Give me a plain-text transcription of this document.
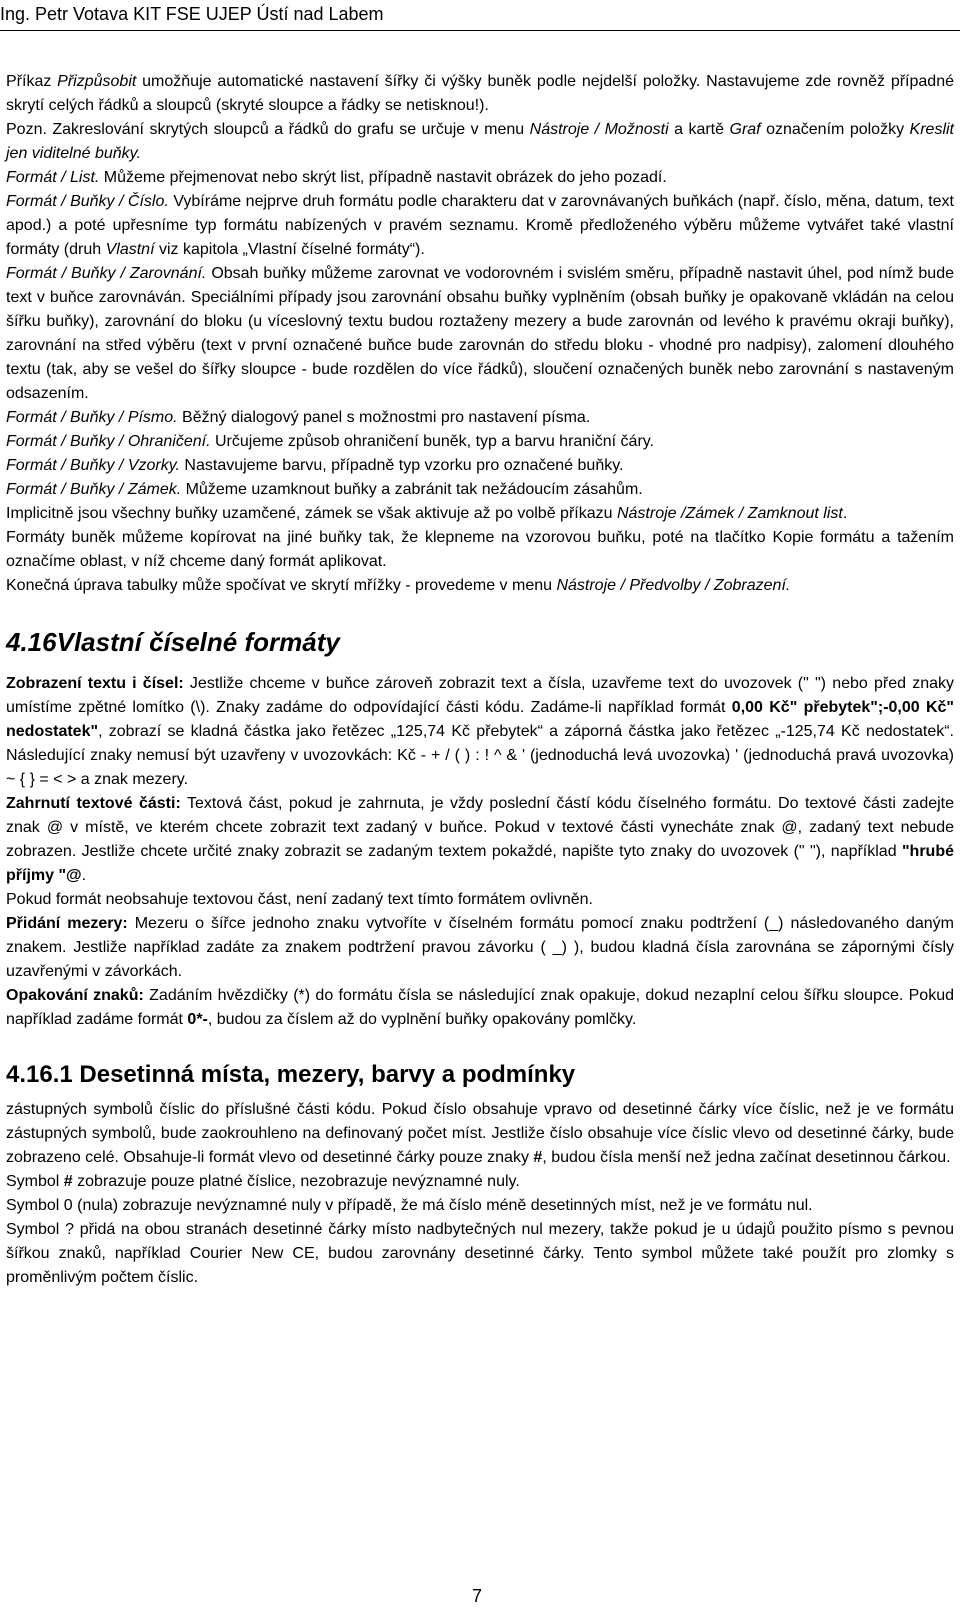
Ing. Petr Votava KIT FSE UJEP Ústí nad Labem

Příkaz Přizpůsobit umožňuje automatické nastavení šířky či výšky buněk podle nejdelší položky. Nastavujeme zde rovněž případné skrytí celých řádků a sloupců (skryté sloupce a řádky se netisknou!).

Pozn. Zakreslování skrytých sloupců a řádků do grafu se určuje v menu Nástroje / Možnosti a kartě Graf označením položky Kreslit jen viditelné buňky.

Formát / List. Můžeme přejmenovat nebo skrýt list, případně nastavit obrázek do jeho pozadí.

Formát / Buňky / Číslo. Vybíráme nejprve druh formátu podle charakteru dat v zarovnávaných buňkách (např. číslo, měna, datum, text apod.) a poté upřesníme typ formátu nabízených v pravém seznamu. Kromě předloženého výběru můžeme vytvářet také vlastní formáty (druh Vlastní viz kapitola „Vlastní číselné formáty“).

Formát / Buňky / Zarovnání. Obsah buňky můžeme zarovnat ve vodorovném i svislém směru, případně nastavit úhel, pod nímž bude text v buňce zarovnáván. Speciálními případy jsou zarovnání obsahu buňky vyplněním (obsah buňky je opakovaně vkládán na celou šířku buňky), zarovnání do bloku (u víceslovný textu budou roztaženy mezery a bude zarovnán od levého k pravému okraji buňky), zarovnání na střed výběru (text v první označené buňce bude zarovnán do středu bloku - vhodné pro nadpisy), zalomení dlouhého textu (tak, aby se vešel do šířky sloupce - bude rozdělen do více řádků), sloučení označených buněk nebo zarovnání s nastaveným odsazením.

Formát / Buňky / Písmo. Běžný dialogový panel s možnostmi pro nastavení písma.

Formát / Buňky / Ohraničení. Určujeme způsob ohraničení buněk, typ a barvu hraniční čáry.

Formát / Buňky / Vzorky. Nastavujeme barvu, případně typ vzorku pro označené buňky.

Formát / Buňky / Zámek. Můžeme uzamknout buňky a zabránit tak nežádoucím zásahům.

Implicitně jsou všechny buňky uzamčené, zámek se však aktivuje až po volbě příkazu Nástroje /Zámek / Zamknout list.

Formáty buněk můžeme kopírovat na jiné buňky tak, že klepneme na vzorovou buňku, poté na tlačítko Kopie formátu a tažením označíme oblast, v níž chceme daný formát aplikovat.

Konečná úprava tabulky může spočívat ve skrytí mřížky - provedeme v menu Nástroje / Předvolby / Zobrazení.

4.16Vlastní číselné formáty

Zobrazení textu i čísel: Jestliže chceme v buňce zároveň zobrazit text a čísla, uzavřeme text do uvozovek (" ") nebo před znaky umístíme zpětné lomítko (\). Znaky zadáme do odpovídající části kódu. Zadáme-li například formát 0,00 Kč" přebytek";-0,00 Kč" nedostatek", zobrazí se kladná částka jako řetězec „125,74 Kč přebytek“ a záporná částka jako řetězec „-125,74 Kč nedostatek“. Následující znaky nemusí být uzavřeny v uvozovkách: Kč - + / ( ) : ! ^ & ' (jednoduchá levá uvozovka) ' (jednoduchá pravá uvozovka) ~ { } = < > a znak mezery.

Zahrnutí textové části: Textová část, pokud je zahrnuta, je vždy poslední částí kódu číselného formátu. Do textové části zadejte znak @ v místě, ve kterém chcete zobrazit text zadaný v buňce. Pokud v textové části vynecháte znak @, zadaný text nebude zobrazen. Jestliže chcete určité znaky zobrazit se zadaným textem pokaždé, napište tyto znaky do uvozovek (" "), například "hrubé příjmy "@.

Pokud formát neobsahuje textovou část, není zadaný text tímto formátem ovlivněn.

Přidání mezery: Mezeru o šířce jednoho znaku vytvoříte v číselném formátu pomocí znaku podtržení (_) následovaného daným znakem. Jestliže například zadáte za znakem podtržení pravou závorku ( _) ), budou kladná čísla zarovnána se zápornými čísly uzavřenými v závorkách.

Opakování znaků: Zadáním hvězdičky (*) do formátu čísla se následující znak opakuje, dokud nezaplní celou šířku sloupce. Pokud například zadáme formát 0*-, budou za číslem až do vyplnění buňky opakovány pomlčky.

4.16.1 Desetinná místa, mezery, barvy a podmínky

zástupných symbolů číslic do příslušné části kódu. Pokud číslo obsahuje vpravo od desetinné čárky více číslic, než je ve formátu zástupných symbolů, bude zaokrouhleno na definovaný počet míst. Jestliže číslo obsahuje více číslic vlevo od desetinné čárky, bude zobrazeno celé. Obsahuje-li formát vlevo od desetinné čárky pouze znaky #, budou čísla menší než jedna začínat desetinnou čárkou.

Symbol # zobrazuje pouze platné číslice, nezobrazuje nevýznamné nuly.

Symbol 0 (nula) zobrazuje nevýznamné nuly v případě, že má číslo méně desetinných míst, než je ve formátu nul.

Symbol ? přidá na obou stranách desetinné čárky místo nadbytečných nul mezery, takže pokud je u údajů použito písmo s pevnou šířkou znaků, například Courier New CE, budou zarovnány desetinné čárky. Tento symbol můžete také použít pro zlomky s proměnlivým počtem číslic.

7
